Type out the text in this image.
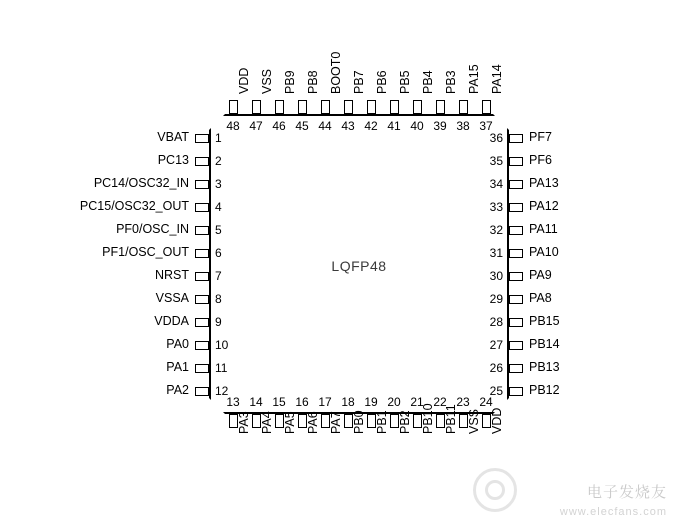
LQFP48
1
VBAT
2
PC13
3
PC14/OSC32_IN
4
PC15/OSC32_OUT
5
PF0/OSC_IN
6
PF1/OSC_OUT
7
NRST
8
VSSA
9
VDDA
10
PA0
11
PA1
12
PA2
36 PF7
35 PF6
34 PA13
33 PA12
32 PA11
31 PA10
30 PA9
29 PA8
28 PB15
27 PB14
26 PB13
25 PB12
48
VDD
47
VSS
46
PB9
45
PB8
44
BOOT0
43
PB7
42
PB6
41
PB5
40
PB4
39
PB3
38
PA15
37
PA14
13
PA3
14
PA4
15
PA5
16
PA6
17
PA7
18
PB0
19
PB1
20
PB2
21
PB10
22
PB11
23
VSS
24
VDD
电子发烧友
www.elecfans.com
